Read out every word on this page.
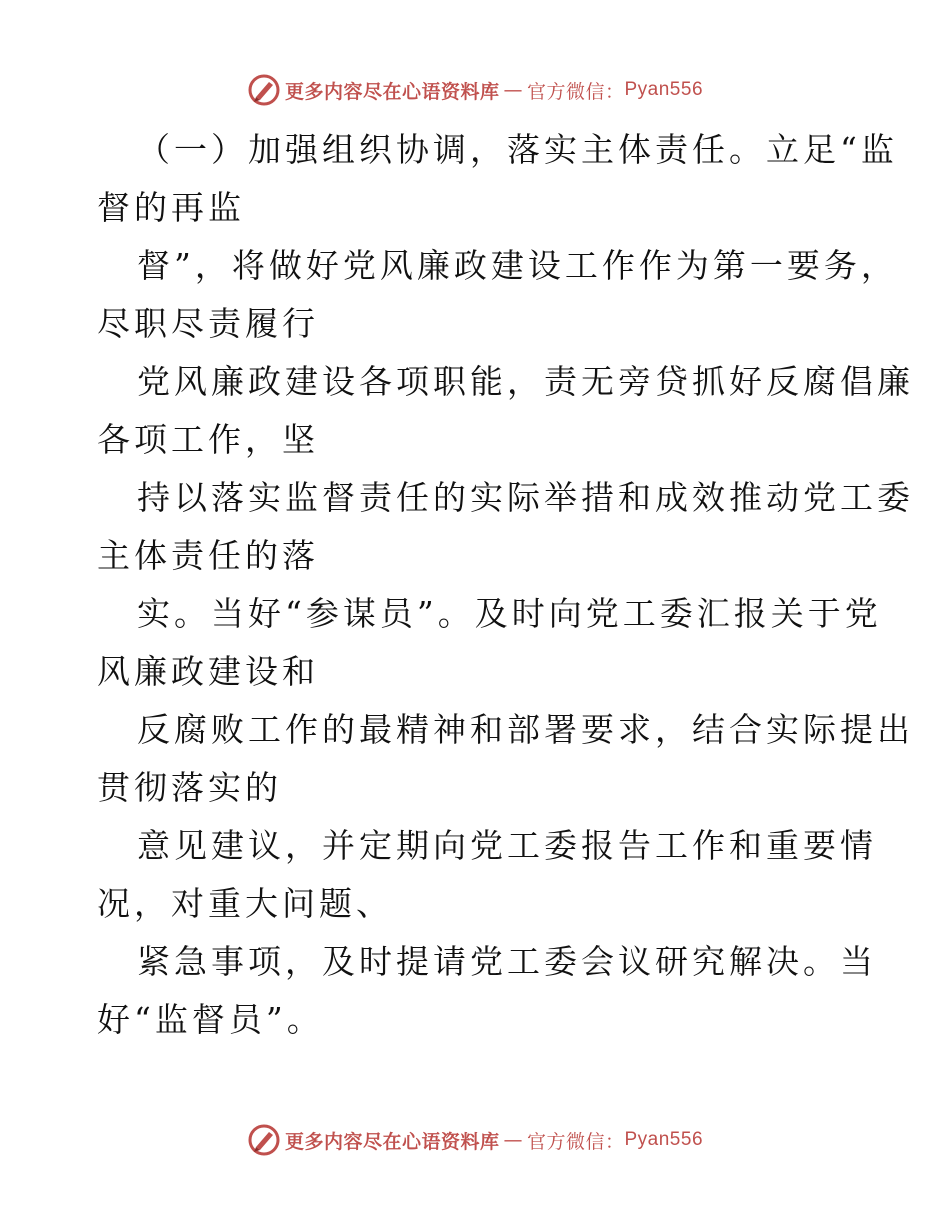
更多内容尽在心语资料库 — 官方微信： Pyan556
（一）加强组织协调，落实主体责任。立足“监
督的再监
督”，将做好党风廉政建设工作作为第一要务，
尽职尽责履行
党风廉政建设各项职能，责无旁贷抓好反腐倡廉
各项工作，坚
持以落实监督责任的实际举措和成效推动党工委
主体责任的落
实。当好“参谋员”。及时向党工委汇报关于党
风廉政建设和
反腐败工作的最精神和部署要求，结合实际提出
贯彻落实的
意见建议，并定期向党工委报告工作和重要情
况，对重大问题、
紧急事项，及时提请党工委会议研究解决。当
好“监督员”。
更多内容尽在心语资料库 — 官方微信： Pyan556
